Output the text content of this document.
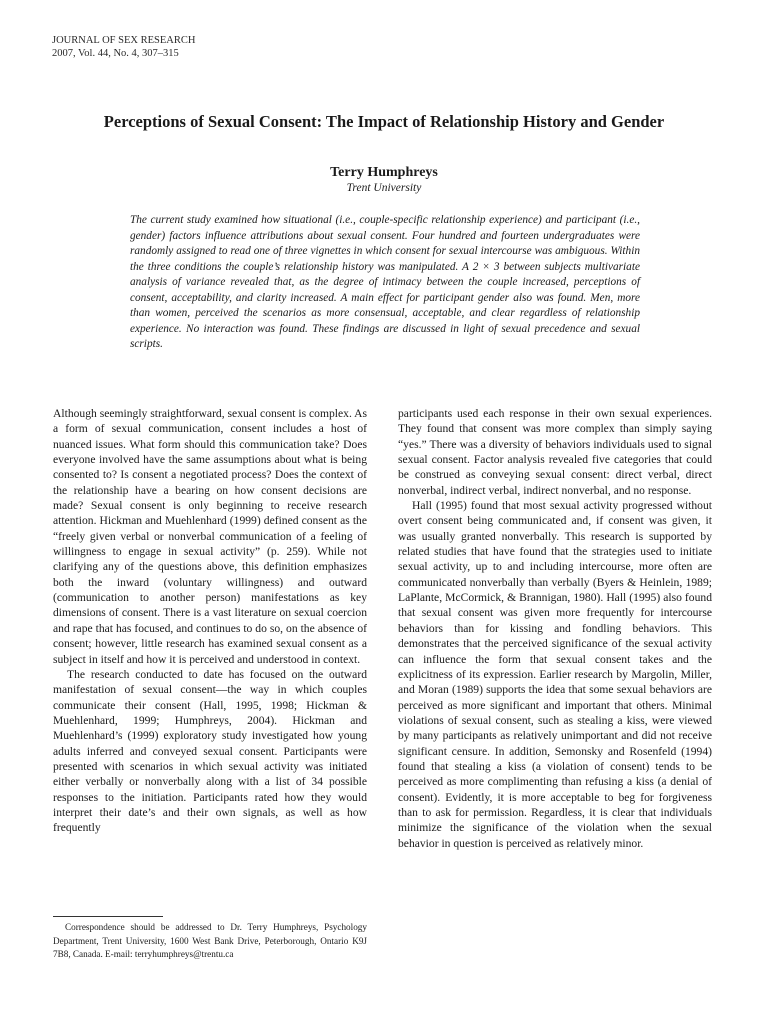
JOURNAL OF SEX RESEARCH
2007, Vol. 44, No. 4, 307–315
Perceptions of Sexual Consent: The Impact of Relationship History and Gender
Terry Humphreys
Trent University
The current study examined how situational (i.e., couple-specific relationship experience) and participant (i.e., gender) factors influence attributions about sexual consent. Four hundred and fourteen undergraduates were randomly assigned to read one of three vignettes in which consent for sexual intercourse was ambiguous. Within the three conditions the couple’s relationship history was manipulated. A 2 × 3 between subjects multivariate analysis of variance revealed that, as the degree of intimacy between the couple increased, perceptions of consent, acceptability, and clarity increased. A main effect for participant gender also was found. Men, more than women, perceived the scenarios as more consensual, acceptable, and clear regardless of relationship experience. No interaction was found. These findings are discussed in light of sexual precedence and sexual scripts.

Although seemingly straightforward, sexual consent is complex. As a form of sexual communication, consent includes a host of nuanced issues. What form should this communication take? Does everyone involved have the same assumptions about what is being consented to? Is consent a negotiated process? Does the context of the relationship have a bearing on how consent decisions are made? Sexual consent is only beginning to receive research attention. Hickman and Muehlenhard (1999) defined consent as the “freely given verbal or nonverbal communication of a feeling of willingness to engage in sexual activity” (p. 259). While not clarifying any of the questions above, this definition emphasizes both the inward (voluntary willingness) and outward (communication to another person) manifestations as key dimensions of consent. There is a vast literature on sexual coercion and rape that has focused, and continues to do so, on the absence of consent; however, little research has examined sexual consent as a subject in itself and how it is perceived and understood in context.

The research conducted to date has focused on the outward manifestation of sexual consent—the way in which couples communicate their consent (Hall, 1995, 1998; Hickman & Muehlenhard, 1999; Humphreys, 2004). Hickman and Muehlenhard’s (1999) exploratory study investigated how young adults inferred and conveyed sexual consent. Participants were presented with scenarios in which sexual activity was initiated either verbally or nonverbally along with a list of 34 possible responses to the initiation. Participants rated how they would interpret their date’s and their own signals, as well as how frequently

participants used each response in their own sexual experiences. They found that consent was more complex than simply saying “yes.” There was a diversity of behaviors individuals used to signal sexual consent. Factor analysis revealed five categories that could be construed as conveying sexual consent: direct verbal, direct nonverbal, indirect verbal, indirect nonverbal, and no response.

Hall (1995) found that most sexual activity progressed without overt consent being communicated and, if consent was given, it was usually granted nonverbally. This research is supported by related studies that have found that the strategies used to initiate sexual activity, up to and including intercourse, more often are communicated nonverbally than verbally (Byers & Heinlein, 1989; LaPlante, McCormick, & Brannigan, 1980). Hall (1995) also found that sexual consent was given more frequently for intercourse behaviors than for kissing and fondling behaviors. This demonstrates that the perceived significance of the sexual activity can influence the form that sexual consent takes and the explicitness of its expression. Earlier research by Margolin, Miller, and Moran (1989) supports the idea that some sexual behaviors are perceived as more significant and important that others. Minimal violations of sexual consent, such as stealing a kiss, were viewed by many participants as relatively unimportant and did not receive significant censure. In addition, Semonsky and Rosenfeld (1994) found that stealing a kiss (a violation of consent) tends to be perceived as more complimenting than refusing a kiss (a denial of consent). Evidently, it is more acceptable to beg for forgiveness than to ask for permission. Regardless, it is clear that individuals minimize the significance of the violation when the sexual behavior in question is perceived as relatively minor.

Correspondence should be addressed to Dr. Terry Humphreys, Psychology Department, Trent University, 1600 West Bank Drive, Peterborough, Ontario K9J 7B8, Canada. E-mail: terryhumphreys@trentu.ca
